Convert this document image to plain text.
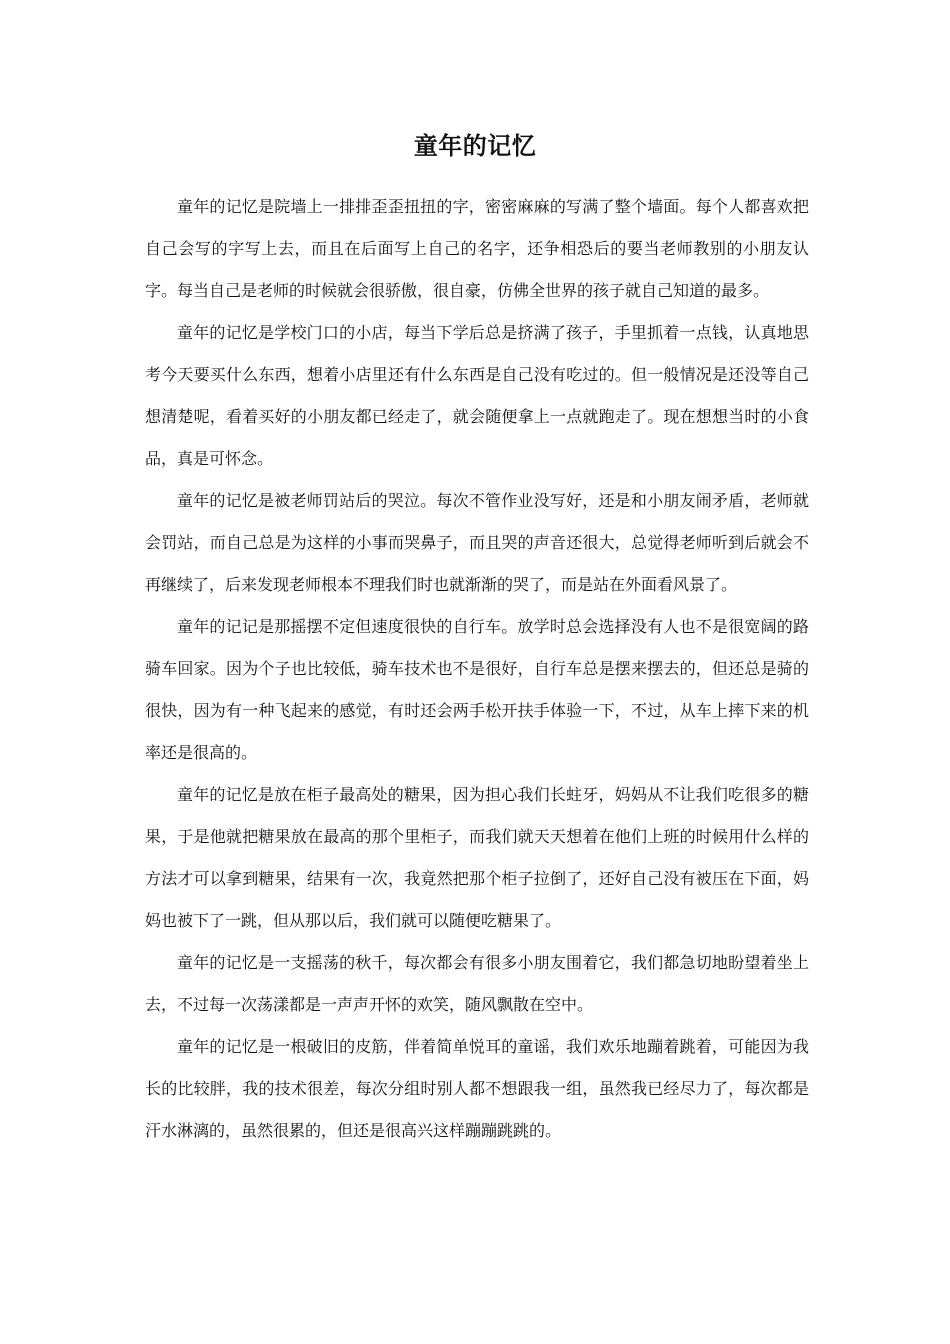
童年的记忆

童年的记忆是院墙上一排排歪歪扭扭的字，密密麻麻的写满了整个墙面。每个人都喜欢把自己会写的字写上去，而且在后面写上自己的名字，还争相恐后的要当老师教别的小朋友认字。每当自己是老师的时候就会很骄傲，很自豪，仿佛全世界的孩子就自己知道的最多。

童年的记忆是学校门口的小店，每当下学后总是挤满了孩子，手里抓着一点钱，认真地思考今天要买什么东西，想着小店里还有什么东西是自己没有吃过的。但一般情况是还没等自己想清楚呢，看着买好的小朋友都已经走了，就会随便拿上一点就跑走了。现在想想当时的小食品，真是可怀念。

童年的记忆是被老师罚站后的哭泣。每次不管作业没写好，还是和小朋友闹矛盾，老师就会罚站，而自己总是为这样的小事而哭鼻子，而且哭的声音还很大，总觉得老师听到后就会不再继续了，后来发现老师根本不理我们时也就渐渐的哭了，而是站在外面看风景了。

童年的记记是那摇摆不定但速度很快的自行车。放学时总会选择没有人也不是很宽阔的路骑车回家。因为个子也比较低，骑车技术也不是很好，自行车总是摆来摆去的，但还总是骑的很快，因为有一种飞起来的感觉，有时还会两手松开扶手体验一下，不过，从车上摔下来的机率还是很高的。

童年的记忆是放在柜子最高处的糖果，因为担心我们长蛀牙，妈妈从不让我们吃很多的糖果，于是他就把糖果放在最高的那个里柜子，而我们就天天想着在他们上班的时候用什么样的方法才可以拿到糖果，结果有一次，我竟然把那个柜子拉倒了，还好自己没有被压在下面，妈妈也被下了一跳，但从那以后，我们就可以随便吃糖果了。

童年的记忆是一支摇荡的秋千，每次都会有很多小朋友围着它，我们都急切地盼望着坐上去，不过每一次荡漾都是一声声开怀的欢笑，随风飘散在空中。

童年的记忆是一根破旧的皮筋，伴着简单悦耳的童谣，我们欢乐地蹦着跳着，可能因为我长的比较胖，我的技术很差，每次分组时别人都不想跟我一组，虽然我已经尽力了，每次都是汗水淋漓的，虽然很累的，但还是很高兴这样蹦蹦跳跳的。
